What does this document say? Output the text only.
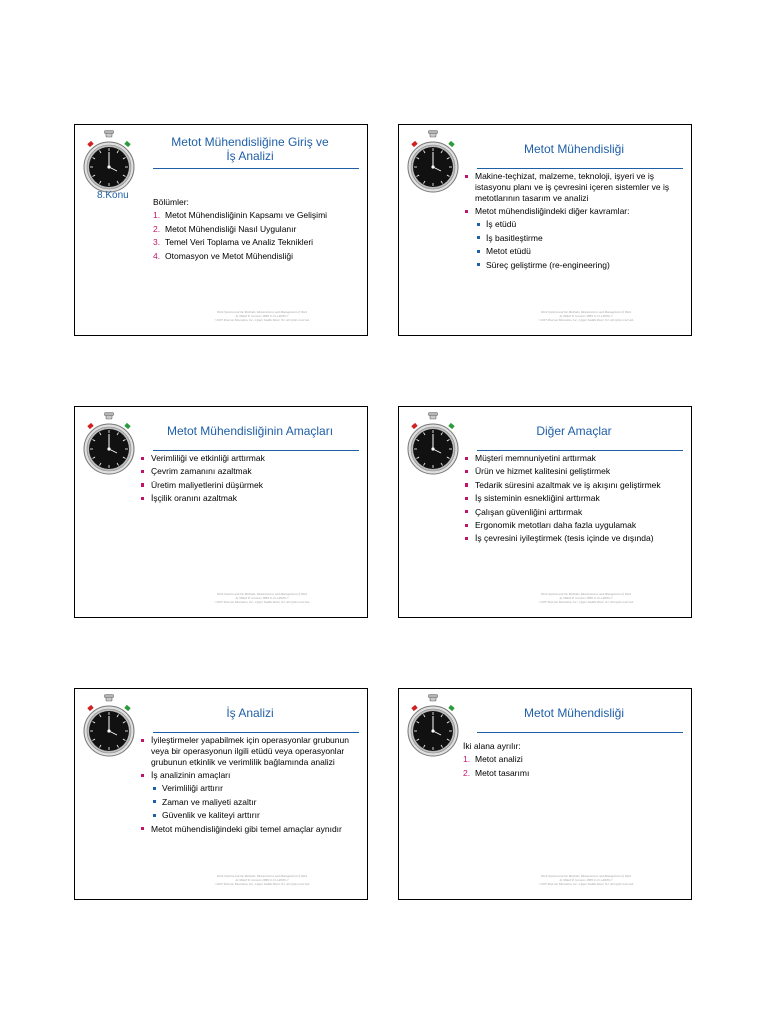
Metot Mühendisliğine Giriş ve
İş Analizi
8.Konu
Bölümler:
1. Metot Mühendisliğinin Kapsamı ve Gelişimi
2. Metot Mühendisliği Nasıl Uygulanır
3. Temel Veri Toplama ve Analiz Teknikleri
4. Otomasyon ve Metot Mühendisliği
Work Systems and the Methods, Measurement, and Management of Work
by Mikell P. Groover, ISBN 0-13-140650-7
©2007 Pearson Education, Inc., Upper Saddle River, NJ. All rights reserved.
Metot Mühendisliği
Makine-teçhizat, malzeme, teknoloji, işyeri ve iş istasyonu planı ve iş çevresini içeren sistemler ve iş metotlarının tasarım ve analizi
Metot mühendisliğindeki diğer kavramlar:
İş etüdü
İş basitleştirme
Metot etüdü
Süreç geliştirme (re-engineering)
Work Systems and the Methods, Measurement, and Management of Work
by Mikell P. Groover, ISBN 0-13-140650-7
©2007 Pearson Education, Inc., Upper Saddle River, NJ. All rights reserved.
Metot Mühendisliğinin Amaçları
Verimliliği ve etkinliği arttırmak
Çevrim zamanını azaltmak
Üretim maliyetlerini düşürmek
İşçilik oranını azaltmak
Work Systems and the Methods, Measurement, and Management of Work
by Mikell P. Groover, ISBN 0-13-140650-7
©2007 Pearson Education, Inc., Upper Saddle River, NJ. All rights reserved.
Diğer Amaçlar
Müşteri memnuniyetini arttırmak
Ürün ve hizmet kalitesini geliştirmek
Tedarik süresini azaltmak ve iş akışını geliştirmek
İş sisteminin esnekliğini arttırmak
Çalışan güvenliğini arttırmak
Ergonomik metotları daha fazla uygulamak
İş çevresini iyileştirmek (tesis içinde ve dışında)
Work Systems and the Methods, Measurement, and Management of Work
by Mikell P. Groover, ISBN 0-13-140650-7
©2007 Pearson Education, Inc., Upper Saddle River, NJ. All rights reserved.
İş Analizi
İyileştirmeler yapabilmek için operasyonlar grubunun veya bir operasyonun ilgili etüdü veya operasyonlar grubunun etkinlik ve verimlilik bağlamında analizi
İş analizinin amaçları
Verimliliği arttırır
Zaman ve maliyeti azaltır
Güvenlik ve kaliteyi arttırır
Metot mühendisliğindeki gibi temel amaçlar aynıdır
Work Systems and the Methods, Measurement, and Management of Work
by Mikell P. Groover, ISBN 0-13-140650-7
©2007 Pearson Education, Inc., Upper Saddle River, NJ. All rights reserved.
Metot Mühendisliği
İki alana ayrılır:
1. Metot analizi
2. Metot tasarımı
Work Systems and the Methods, Measurement, and Management of Work
by Mikell P. Groover, ISBN 0-13-140650-7
©2007 Pearson Education, Inc., Upper Saddle River, NJ. All rights reserved.
